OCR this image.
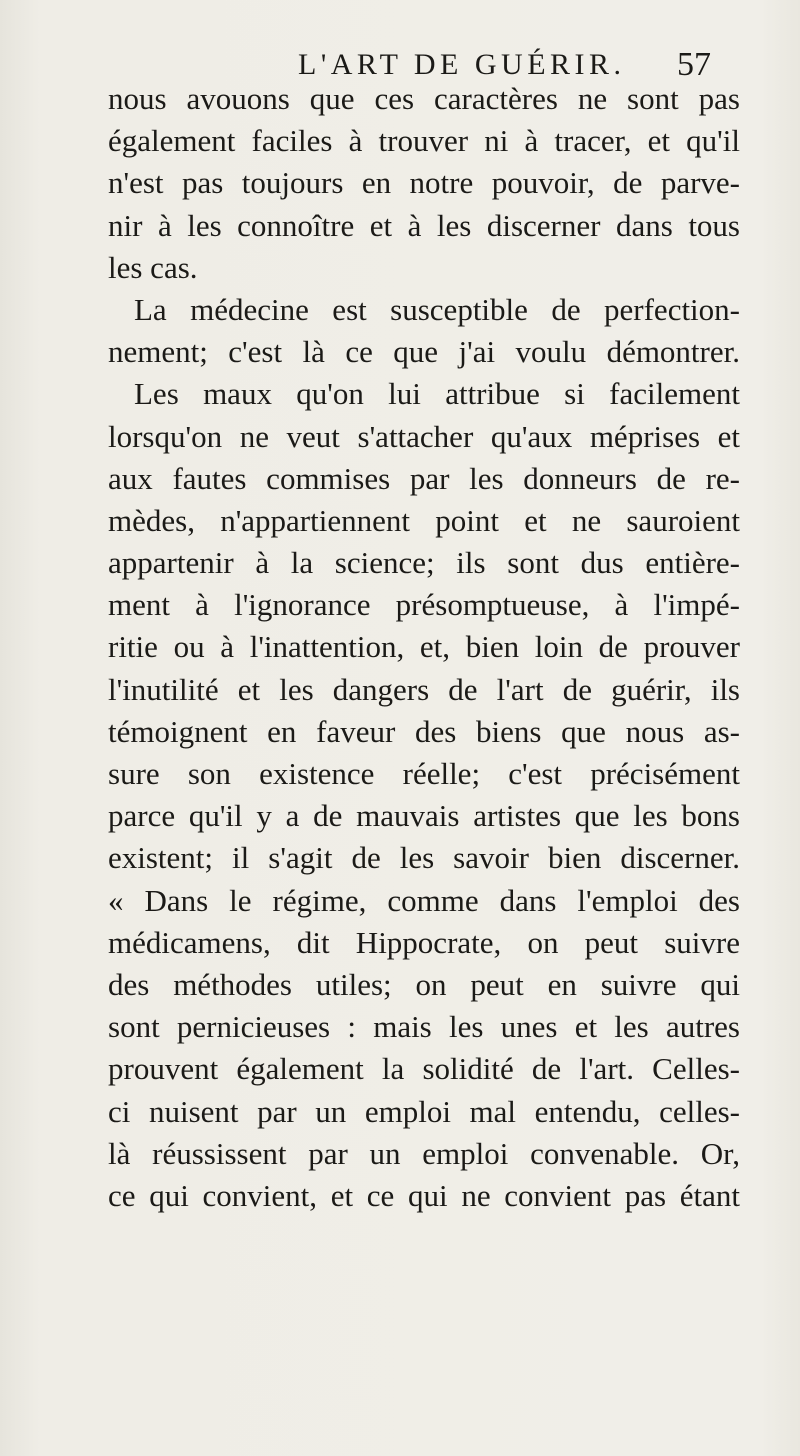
L'ART DE GUÉRIR. 57
nous avouons que ces caractères ne sont pas
également faciles à trouver ni à tracer, et qu'il
n'est pas toujours en notre pouvoir, de parve-
nir à les connoître et à les discerner dans tous
les cas.
La médecine est susceptible de perfection-
nement; c'est là ce que j'ai voulu démontrer.
Les maux qu'on lui attribue si facilement
lorsqu'on ne veut s'attacher qu'aux méprises et
aux fautes commises par les donneurs de re-
mèdes, n'appartiennent point et ne sauroient
appartenir à la science; ils sont dus entière-
ment à l'ignorance présomptueuse, à l'impé-
ritie ou à l'inattention, et, bien loin de prouver
l'inutilité et les dangers de l'art de guérir, ils
témoignent en faveur des biens que nous as-
sure son existence réelle; c'est précisément
parce qu'il y a de mauvais artistes que les bons
existent; il s'agit de les savoir bien discerner.
« Dans le régime, comme dans l'emploi des
médicamens, dit Hippocrate, on peut suivre
des méthodes utiles; on peut en suivre qui
sont pernicieuses : mais les unes et les autres
prouvent également la solidité de l'art. Celles-
ci nuisent par un emploi mal entendu, celles-
là réussissent par un emploi convenable. Or,
ce qui convient, et ce qui ne convient pas étant
